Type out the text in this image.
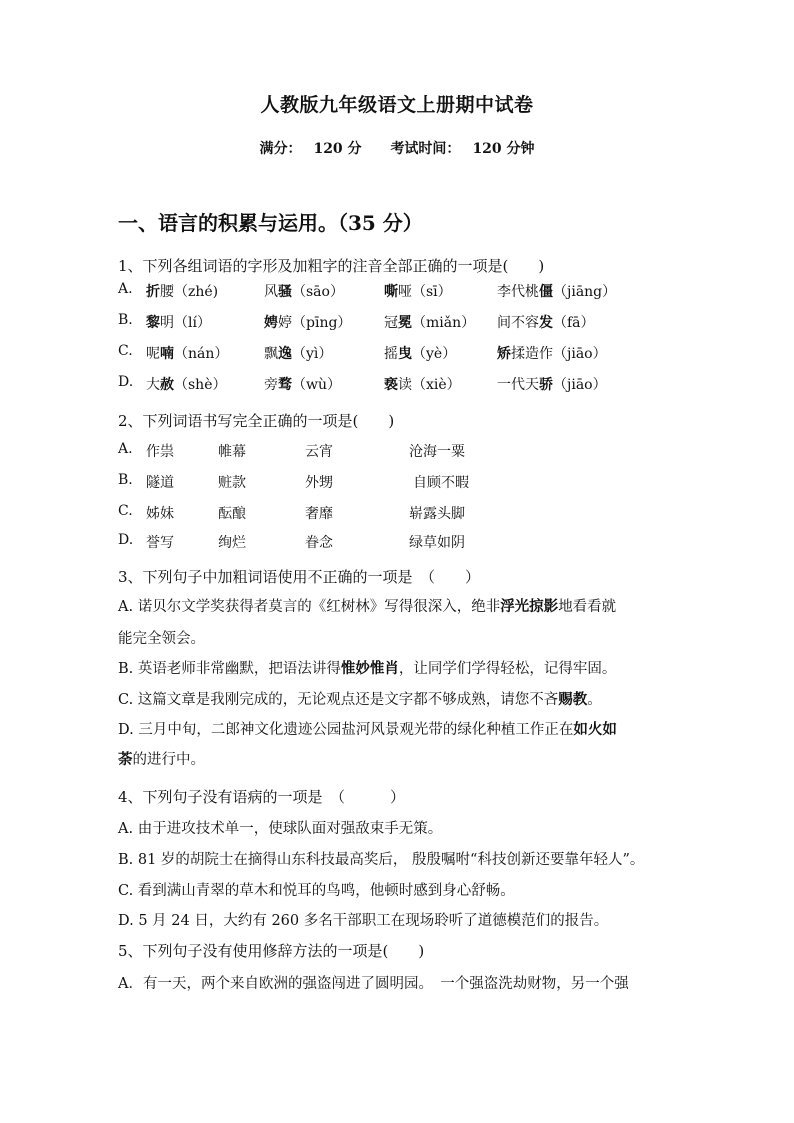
人教版九年级语文上册期中试卷
满分： 120 分 考试时间： 120 分钟
一、语言的积累与运用。（35 分）
1、下列各组词语的字形及加粗字的注音全部正确的一项是(　　)
A. 折腰（zhé)	风骚（sāo）	嘶哑（sī）	李代桃僵（jiāng）
B. 黎明（lí）	娉婷（pīng） 冠冕（miǎn） 间不容发（fā）
C. 呢喃（nán）	飘逸（yì）	摇曳（yè）	矫揉造作（jiāo）
D. 大赦（shè）	旁骛（wù）	亵读（xiè）	一代天骄（jiāo）
2、下列词语书写完全正确的一项是(　　)
A. 作祟	帷幕	云宵	沧海一粟
B. 隧道	赃款	外甥	自顾不暇
C. 姊妹	酝酿	奢靡	崭露头脚
D. 誉写	绚烂	眷念	绿草如阴
3、下列句子中加粗词语使用不正确的一项是　（　　）
A. 诺贝尔文学奖获得者莫言的《红树林》写得很深入，绝非浮光掠影地看看就
能完全领会。
B. 英语老师非常幽默，把语法讲得惟妙惟肖，让同学们学得轻松，记得牢固。
C. 这篇文章是我刚完成的，无论观点还是文字都不够成熟，请您不吝赐教。
D. 三月中旬，二郎神文化遗迹公园盐河风景观光带的绿化种植工作正在如火如
荼的进行中。
4、下列句子没有语病的一项是　（　　　）
A. 由于进攻技术单一，使球队面对强敌束手无策。
B. 81 岁的胡院士在摘得山东科技最高奖后， 殷殷嘱咐“科技创新还要靠年轻人”。
C. 看到满山青翠的草木和悦耳的鸟鸣，他顿时感到身心舒畅。
D. 5 月 24 日，大约有 260 多名干部职工在现场聆听了道德模范们的报告。
5、下列句子没有使用修辞方法的一项是(　　)
A．有一天，两个来自欧洲的强盗闯进了圆明园。　一个强盗洗劫财物，另一个强
